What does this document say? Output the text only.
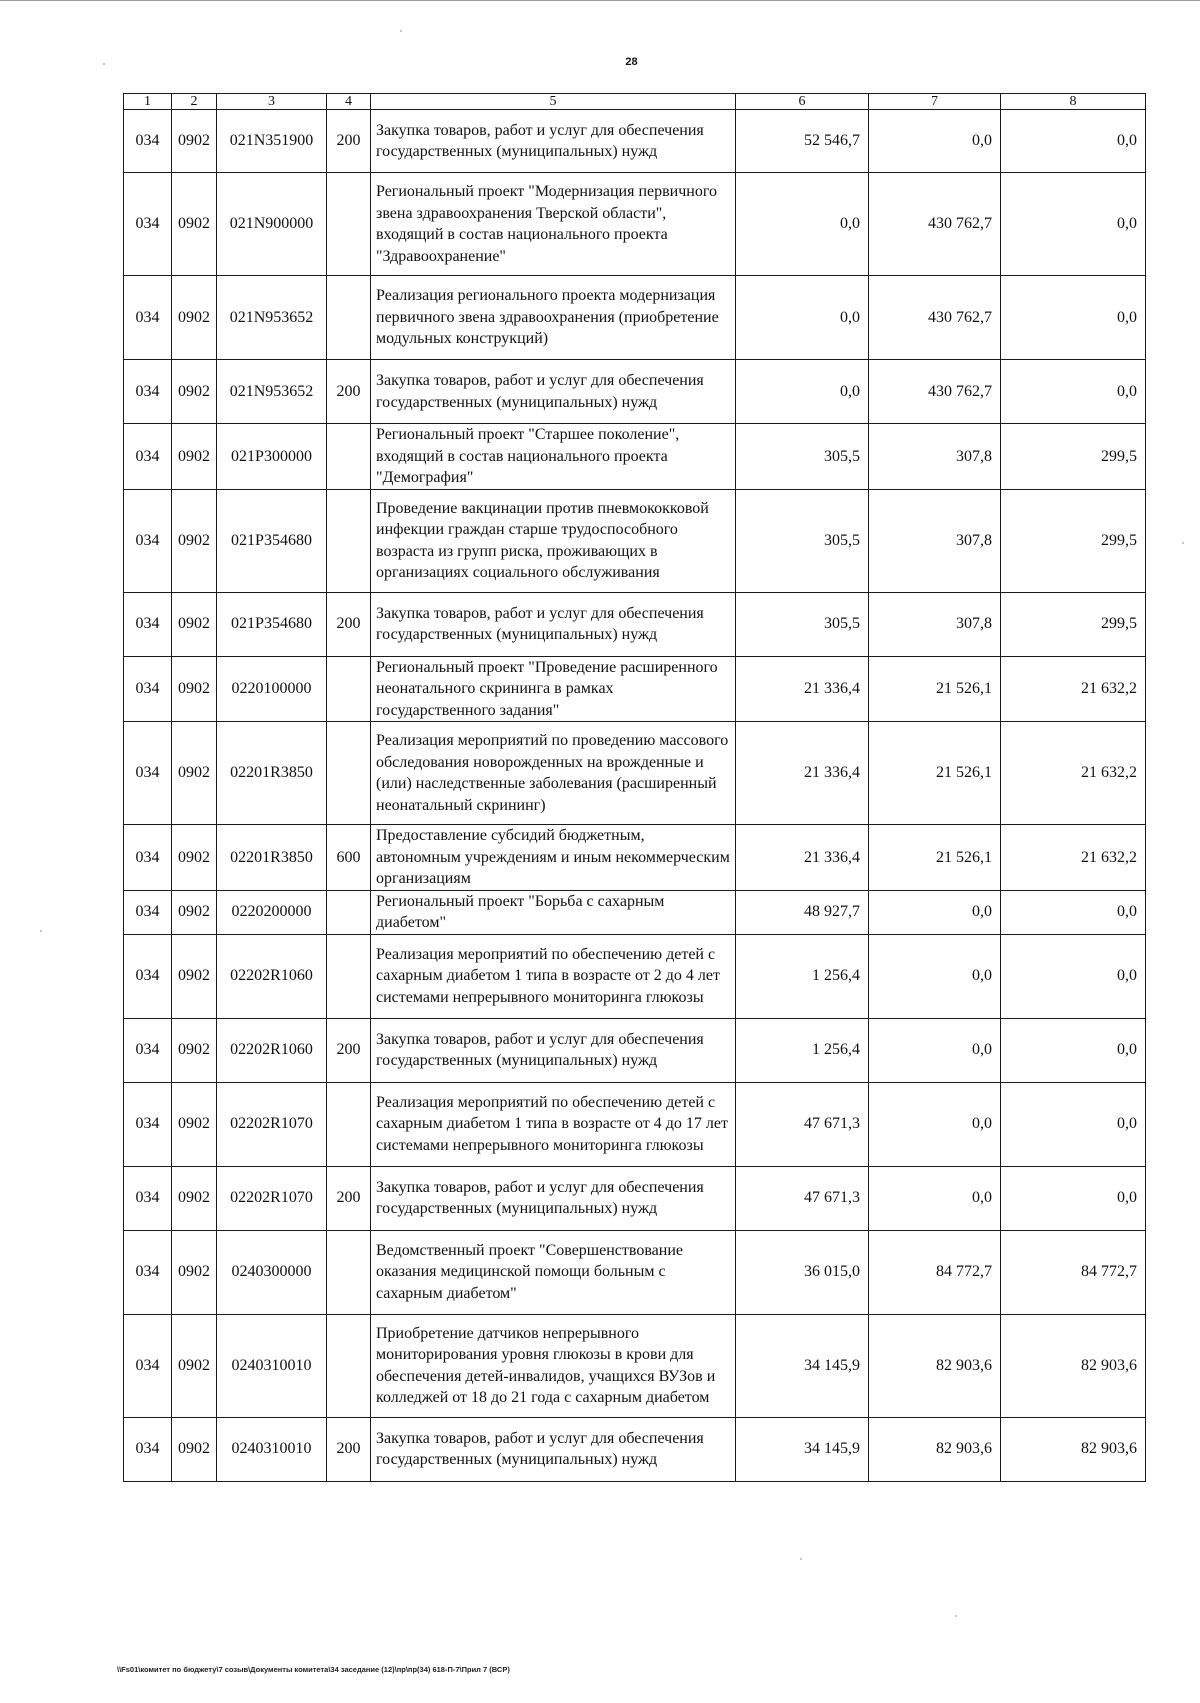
28
1	2	3	4	5	6	7	8
034	0902	021N351900	200	Закупка товаров, работ и услуг для обеспечения государственных (муниципальных) нужд	52 546,7	0,0	0,0
034	0902	021N900000		Региональный проект "Модернизация первичного звена здравоохранения Тверской области", входящий в состав национального проекта "Здравоохранение"	0,0	430 762,7	0,0
034	0902	021N953652		Реализация регионального проекта модернизация первичного звена здравоохранения (приобретение модульных конструкций)	0,0	430 762,7	0,0
034	0902	021N953652	200	Закупка товаров, работ и услуг для обеспечения государственных (муниципальных) нужд	0,0	430 762,7	0,0
034	0902	021P300000		Региональный проект "Старшее поколение", входящий в состав национального проекта "Демография"	305,5	307,8	299,5
034	0902	021P354680		Проведение вакцинации против пневмококковой инфекции граждан старше трудоспособного возраста из групп риска, проживающих в организациях социального обслуживания	305,5	307,8	299,5
034	0902	021P354680	200	Закупка товаров, работ и услуг для обеспечения государственных (муниципальных) нужд	305,5	307,8	299,5
034	0902	0220100000		Региональный проект "Проведение расширенного неонатального скрининга в рамках государственного задания"	21 336,4	21 526,1	21 632,2
034	0902	02201R3850		Реализация мероприятий по проведению массового обследования новорожденных на врожденные и (или) наследственные заболевания (расширенный неонатальный скрининг)	21 336,4	21 526,1	21 632,2
034	0902	02201R3850	600	Предоставление субсидий бюджетным, автономным учреждениям и иным некоммерческим организациям	21 336,4	21 526,1	21 632,2
034	0902	0220200000		Региональный проект "Борьба с сахарным диабетом"	48 927,7	0,0	0,0
034	0902	02202R1060		Реализация мероприятий по обеспечению детей с сахарным диабетом 1 типа в возрасте от 2 до 4 лет системами непрерывного мониторинга глюкозы	1 256,4	0,0	0,0
034	0902	02202R1060	200	Закупка товаров, работ и услуг для обеспечения государственных (муниципальных) нужд	1 256,4	0,0	0,0
034	0902	02202R1070		Реализация мероприятий по обеспечению детей с сахарным диабетом 1 типа в возрасте от 4 до 17 лет системами непрерывного мониторинга глюкозы	47 671,3	0,0	0,0
034	0902	02202R1070	200	Закупка товаров, работ и услуг для обеспечения государственных (муниципальных) нужд	47 671,3	0,0	0,0
034	0902	0240300000		Ведомственный проект "Совершенствование оказания медицинской помощи больным с сахарным диабетом"	36 015,0	84 772,7	84 772,7
034	0902	0240310010		Приобретение датчиков непрерывного мониторирования уровня глюкозы в крови для обеспечения детей-инвалидов, учащихся ВУЗов и колледжей от 18 до 21 года с сахарным диабетом	34 145,9	82 903,6	82 903,6
034	0902	0240310010	200	Закупка товаров, работ и услуг для обеспечения государственных (муниципальных) нужд	34 145,9	82 903,6	82 903,6
\\Fs01\комитет по бюджету\7 созыв\Документы комитета\34 заседание (12)\пр\пр(34) 618-П-7\Прил 7 (ВСР)
